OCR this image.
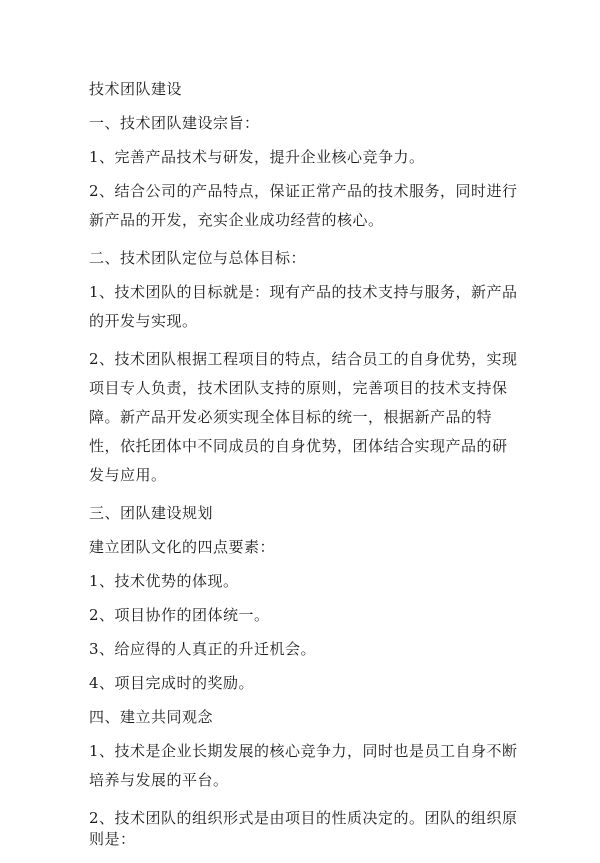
技术团队建设

一、技术团队建设宗旨：

1、完善产品技术与研发，提升企业核心竞争力。

2、结合公司的产品特点，保证正常产品的技术服务，同时进行新产品的开发，充实企业成功经营的核心。

二、技术团队定位与总体目标：

1、技术团队的目标就是：现有产品的技术支持与服务，新产品的开发与实现。

2、技术团队根据工程项目的特点，结合员工的自身优势，实现项目专人负责，技术团队支持的原则，完善项目的技术支持保障。新产品开发必须实现全体目标的统一，根据新产品的特性，依托团体中不同成员的自身优势，团体结合实现产品的研发与应用。

三、团队建设规划

建立团队文化的四点要素：

1、技术优势的体现。

2、项目协作的团体统一。

3、给应得的人真正的升迁机会。

4、项目完成时的奖励。

四、建立共同观念

1、技术是企业长期发展的核心竞争力，同时也是员工自身不断培养与发展的平台。

2、技术团队的组织形式是由项目的性质决定的。团队的组织原则是：
